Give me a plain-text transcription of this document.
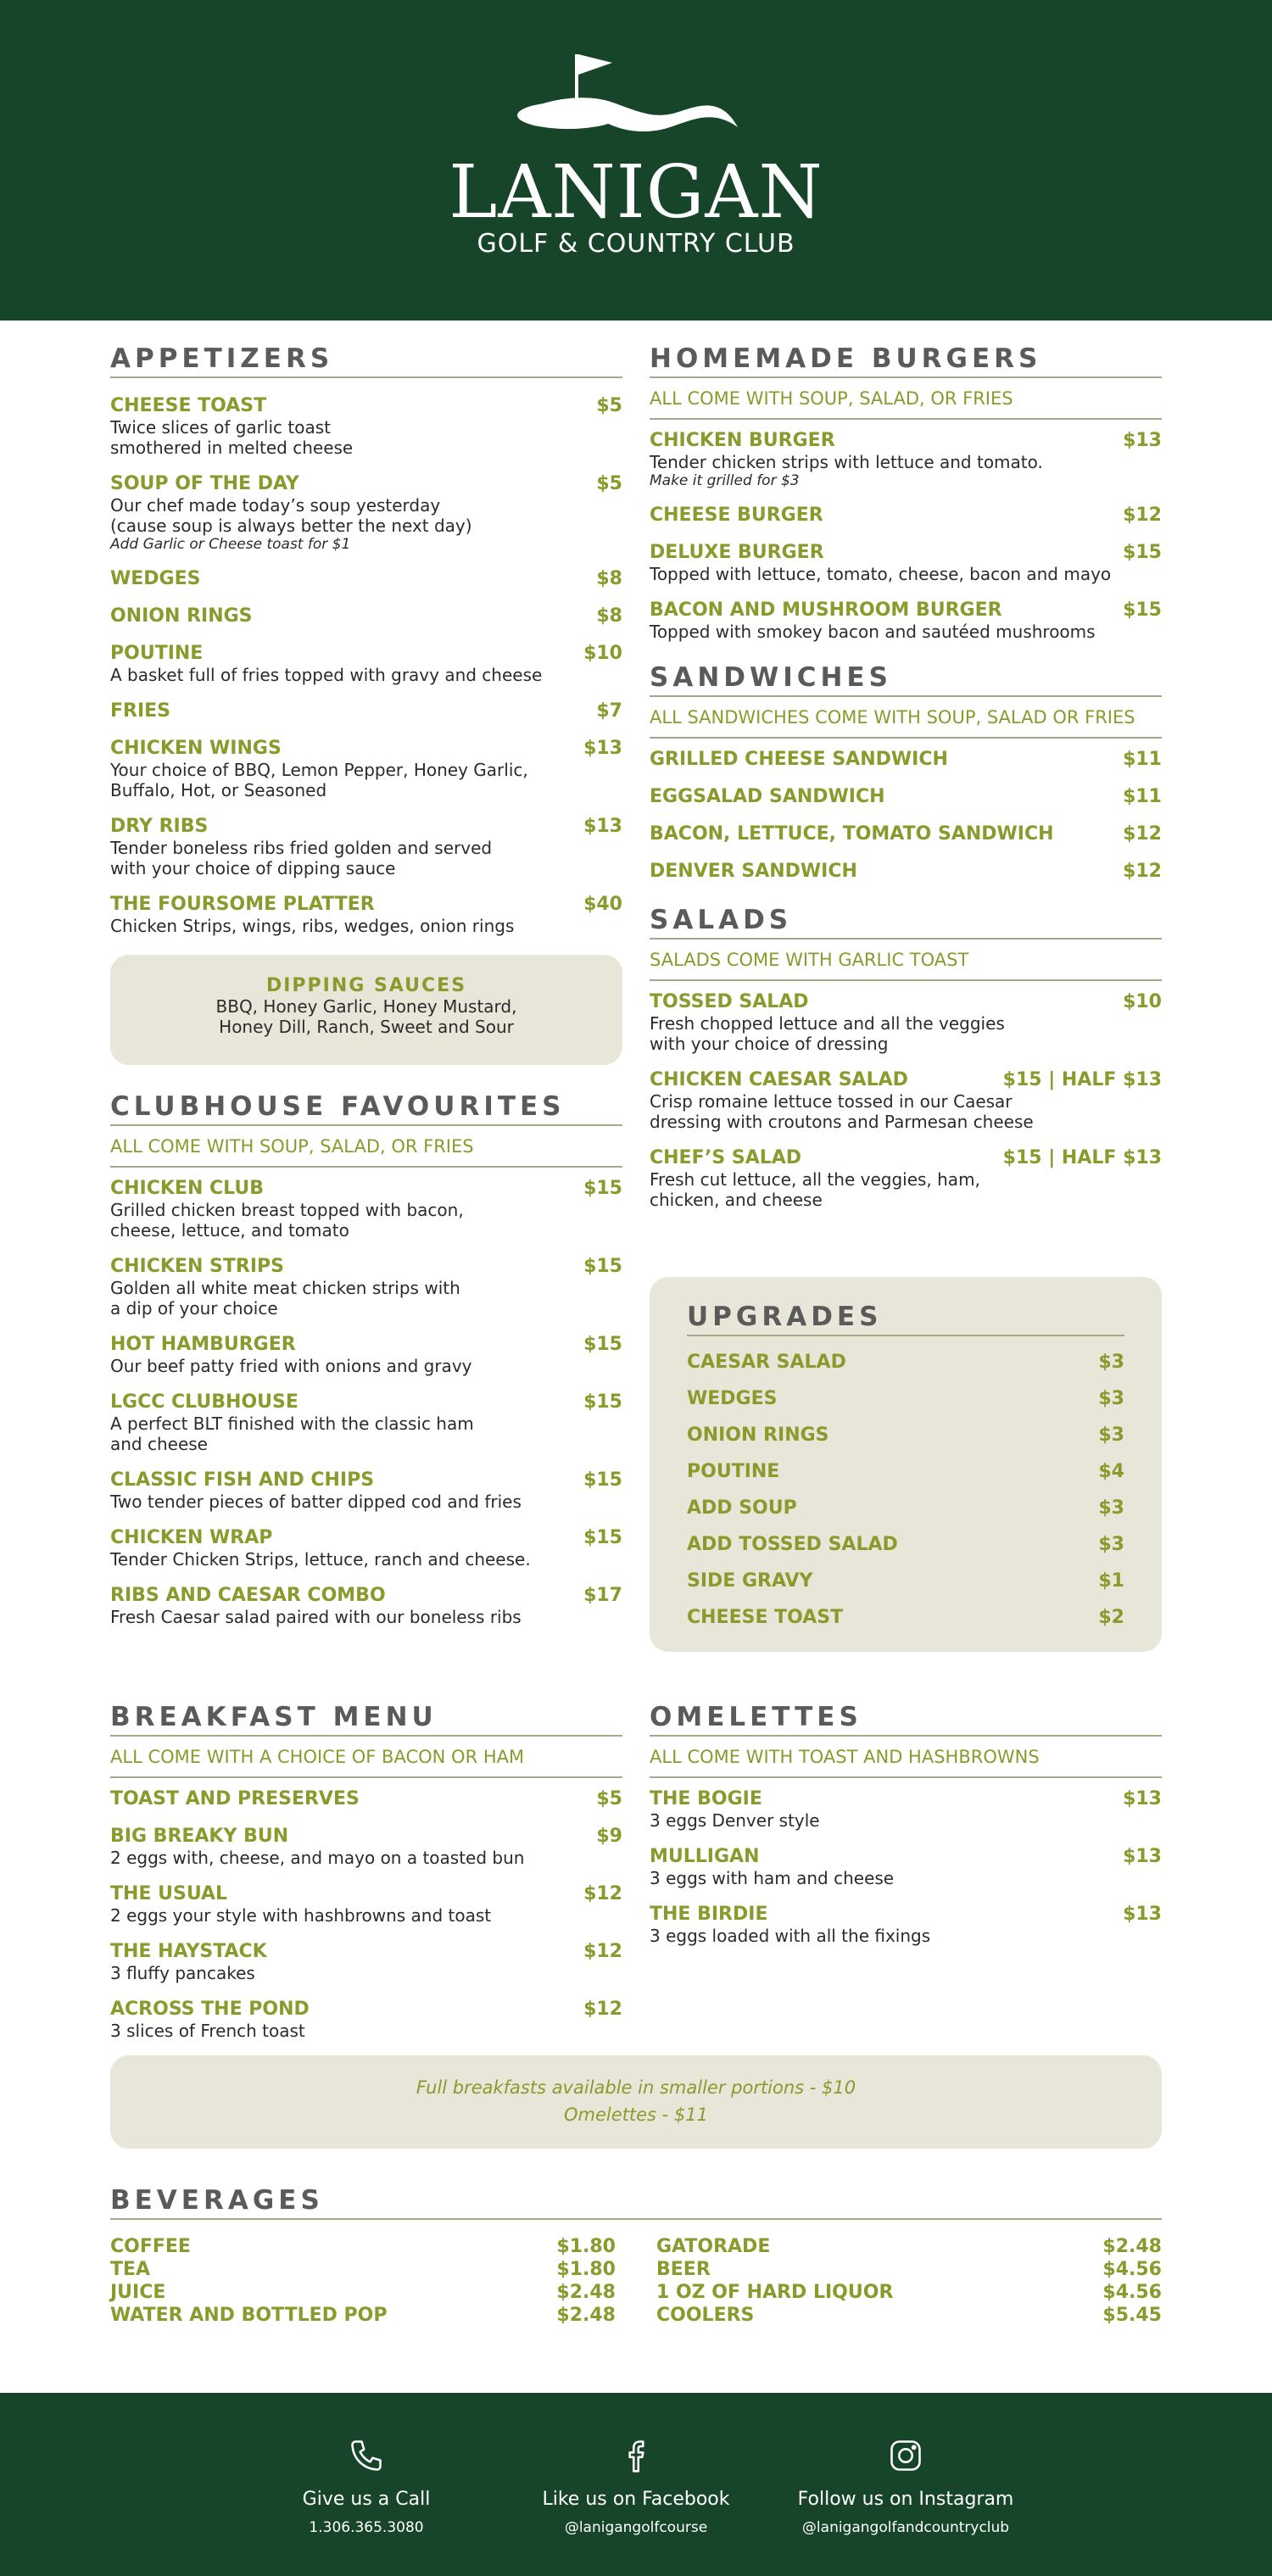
LANIGAN
GOLF & COUNTRY CLUB
APPETIZERS
CHEESE TOAST	$5
Twice slices of garlic toast
smothered in melted cheese
SOUP OF THE DAY	$5
Our chef made today’s soup yesterday
(cause soup is always better the next day)
Add Garlic or Cheese toast for $1
WEDGES	$8
ONION RINGS	$8
POUTINE	$10
A basket full of fries topped with gravy and cheese
FRIES	$7
CHICKEN WINGS	$13
Your choice of BBQ, Lemon Pepper, Honey Garlic,
Buffalo, Hot, or Seasoned
DRY RIBS	$13
Tender boneless ribs fried golden and served
with your choice of dipping sauce
THE FOURSOME PLATTER	$40
Chicken Strips, wings, ribs, wedges, onion rings
DIPPING SAUCES
BBQ, Honey Garlic, Honey Mustard,
Honey Dill, Ranch, Sweet and Sour
CLUBHOUSE FAVOURITES
ALL COME WITH SOUP, SALAD, OR FRIES
CHICKEN CLUB	$15
Grilled chicken breast topped with bacon,
cheese, lettuce, and tomato
CHICKEN STRIPS	$15
Golden all white meat chicken strips with
a dip of your choice
HOT HAMBURGER	$15
Our beef patty fried with onions and gravy
LGCC CLUBHOUSE	$15
A perfect BLT finished with the classic ham
and cheese
CLASSIC FISH AND CHIPS	$15
Two tender pieces of batter dipped cod and fries
CHICKEN WRAP	$15
Tender Chicken Strips, lettuce, ranch and cheese.
RIBS AND CAESAR COMBO	$17
Fresh Caesar salad paired with our boneless ribs
HOMEMADE BURGERS
ALL COME WITH SOUP, SALAD, OR FRIES
CHICKEN BURGER	$13
Tender chicken strips with lettuce and tomato.
Make it grilled for $3
CHEESE BURGER	$12
DELUXE BURGER	$15
Topped with lettuce, tomato, cheese, bacon and mayo
BACON AND MUSHROOM BURGER	$15
Topped with smokey bacon and sautéed mushrooms
SANDWICHES
ALL SANDWICHES COME WITH SOUP, SALAD OR FRIES
GRILLED CHEESE SANDWICH	$11
EGGSALAD SANDWICH	$11
BACON, LETTUCE, TOMATO SANDWICH	$12
DENVER SANDWICH	$12
SALADS
SALADS COME WITH GARLIC TOAST
TOSSED SALAD	$10
Fresh chopped lettuce and all the veggies
with your choice of dressing
CHICKEN CAESAR SALAD	$15 | HALF $13
Crisp romaine lettuce tossed in our Caesar
dressing with croutons and Parmesan cheese
CHEF’S SALAD	$15 | HALF $13
Fresh cut lettuce, all the veggies, ham,
chicken, and cheese
UPGRADES
CAESAR SALAD	$3
WEDGES	$3
ONION RINGS	$3
POUTINE	$4
ADD SOUP	$3
ADD TOSSED SALAD	$3
SIDE GRAVY	$1
CHEESE TOAST	$2
BREAKFAST MENU
ALL COME WITH A CHOICE OF BACON OR HAM
TOAST AND PRESERVES	$5
BIG BREAKY BUN	$9
2 eggs with, cheese, and mayo on a toasted bun
THE USUAL	$12
2 eggs your style with hashbrowns and toast
THE HAYSTACK	$12
3 fluffy pancakes
ACROSS THE POND	$12
3 slices of French toast
OMELETTES
ALL COME WITH TOAST AND HASHBROWNS
THE BOGIE	$13
3 eggs Denver style
MULLIGAN	$13
3 eggs with ham and cheese
THE BIRDIE	$13
3 eggs loaded with all the fixings
Full breakfasts available in smaller portions - $10
Omelettes - $11
BEVERAGES
COFFEE	$1.80
TEA	$1.80
JUICE	$2.48
WATER AND BOTTLED POP	$2.48
GATORADE	$2.48
BEER	$4.56
1 OZ OF HARD LIQUOR	$4.56
COOLERS	$5.45
Give us a Call
1.306.365.3080
Like us on Facebook
@lanigangolfcourse
Follow us on Instagram
@lanigangolfandcountryclub
